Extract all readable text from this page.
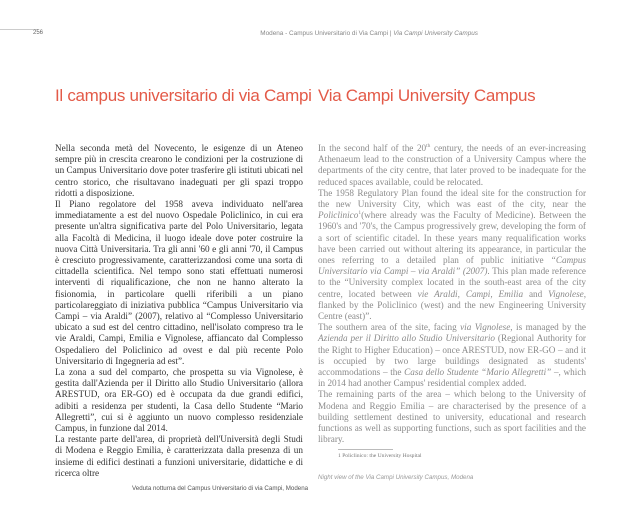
256	Modena - Campus Universitario di Via Campi | Via Campi University Campus
Il campus universitario di via Campi Via Campi University Campus

Nella seconda metà del Novecento, le esigenze di un Ateneo sempre più in crescita crearono le condizioni per la costruzione di un Campus Universitario dove poter trasferire gli istituti ubicati nel centro storico, che risultavano inadeguati per gli spazi troppo ridotti a disposizione.

Il Piano regolatore del 1958 aveva individuato nell'area immediatamente a est del nuovo Ospedale Policlinico, in cui era presente un'altra significativa parte del Polo Universitario, legata alla Facoltà di Medicina, il luogo ideale dove poter costruire la nuova Città Universitaria. Tra gli anni '60 e gli anni '70, il Campus è cresciuto progressivamente, caratterizzandosi come una sorta di cittadella scientifica. Nel tempo sono stati effettuati numerosi interventi di riqualificazione, che non ne hanno alterato la fisionomia, in particolare quelli riferibili a un piano particolareggiato di iniziativa pubblica “Campus Universitario via Campi – via Araldi” (2007), relativo al “Complesso Universitario ubicato a sud est del centro cittadino, nell'isolato compreso tra le vie Araldi, Campi, Emilia e Vignolese, affiancato dal Complesso Ospedaliero del Policlinico ad ovest e dal più recente Polo Universitario di Ingegneria ad est”.

La zona a sud del comparto, che prospetta su via Vignolese, è gestita dall'Azienda per il Diritto allo Studio Universitario (allora ARESTUD, ora ER-GO) ed è occupata da due grandi edifici, adibiti a residenza per studenti, la Casa dello Studente “Mario Allegretti”, cui si è aggiunto un nuovo complesso residenziale Campus, in funzione dal 2014.

La restante parte dell'area, di proprietà dell'Università degli Studi di Modena e Reggio Emilia, è caratterizzata dalla presenza di un insieme di edifici destinati a funzioni universitarie, didattiche e di ricerca oltre

In the second half of the 20th century, the needs of an ever-increasing Athenaeum lead to the construction of a University Campus where the departments of the city centre, that later proved to be inadequate for the reduced spaces available, could be relocated.

The 1958 Regulatory Plan found the ideal site for the construction for the new University City, which was east of the city, near the Policlinico$^1$(where already was the Faculty of Medicine). Between the 1960's and '70's, the Campus progressively grew, developing the form of a sort of scientific citadel. In these years many requalification works have been carried out without altering its appearance, in particular the ones referring to a detailed plan of public initiative “Campus Universitario via Campi – via Araldi” (2007). This plan made reference to the “University complex located in the south-east area of the city centre, located between vie Araldi, Campi, Emilia and Vignolese, flanked by the Policlinico (west) and the new Engineering University Centre (east)”.

The southern area of the site, facing via Vignolese, is managed by the Azienda per il Diritto allo Studio Universitario (Regional Authority for the Right to Higher Education) – once ARESTUD, now ER-GO – and it is occupied by two large buildings designated as students' accommodations – the Casa dello Studente “Mario Allegretti” –, which in 2014 had another Campus' residential complex added.

The remaining parts of the area – which belong to the University of Modena and Reggio Emilia – are characterised by the presence of a building settlement destined to university, educational and research functions as well as supporting functions, such as sport facilities and the library.

1 Policlinico: the University Hospital
Veduta notturna del Campus Universitario di via Campi, Modena
Night view of the Via Campi University Campus, Modena
